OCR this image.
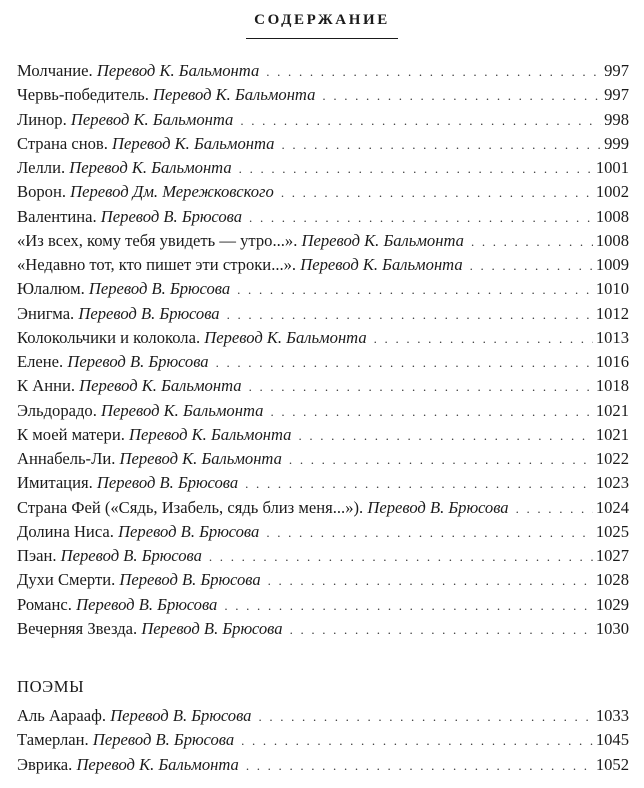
СОДЕРЖАНИЕ
Молчание. Перевод К. Бальмонта . . .	997
Червь-победитель. Перевод К. Бальмонта . . .	997
Линор. Перевод К. Бальмонта . . .	998
Страна снов. Перевод К. Бальмонта . . .	999
Лелли. Перевод К. Бальмонта . . .	1001
Ворон. Перевод Дм. Мережковского . . .	1002
Валентина. Перевод В. Брюсова . . .	1008
«Из всех, кому тебя увидеть — утро...». Перевод К. Бальмонта . . .	1008
«Недавно тот, кто пишет эти строки...». Перевод К. Бальмонта . . .	1009
Юлалюм. Перевод В. Брюсова . . .	1010
Энигма. Перевод В. Брюсова . . .	1012
Колокольчики и колокола. Перевод К. Бальмонта . . .	1013
Елене. Перевод В. Брюсова . . .	1016
К Анни. Перевод К. Бальмонта . . .	1018
Эльдорадо. Перевод К. Бальмонта . . .	1021
К моей матери. Перевод К. Бальмонта . . .	1021
Аннабель-Ли. Перевод К. Бальмонта . . .	1022
Имитация. Перевод В. Брюсова . . .	1023
Страна Фей («Сядь, Изабель, сядь близ меня...»). Перевод В. Брюсова . . .	1024
Долина Ниса. Перевод В. Брюсова . . .	1025
Пэан. Перевод В. Брюсова . . .	1027
Духи Смерти. Перевод В. Брюсова . . .	1028
Романс. Перевод В. Брюсова . . .	1029
Вечерняя Звезда. Перевод В. Брюсова . . .	1030
ПОЭМЫ
Аль Аарааф. Перевод В. Брюсова . . .	1033
Тамерлан. Перевод В. Брюсова . . .	1045
Эврика. Перевод К. Бальмонта . . .	1052
